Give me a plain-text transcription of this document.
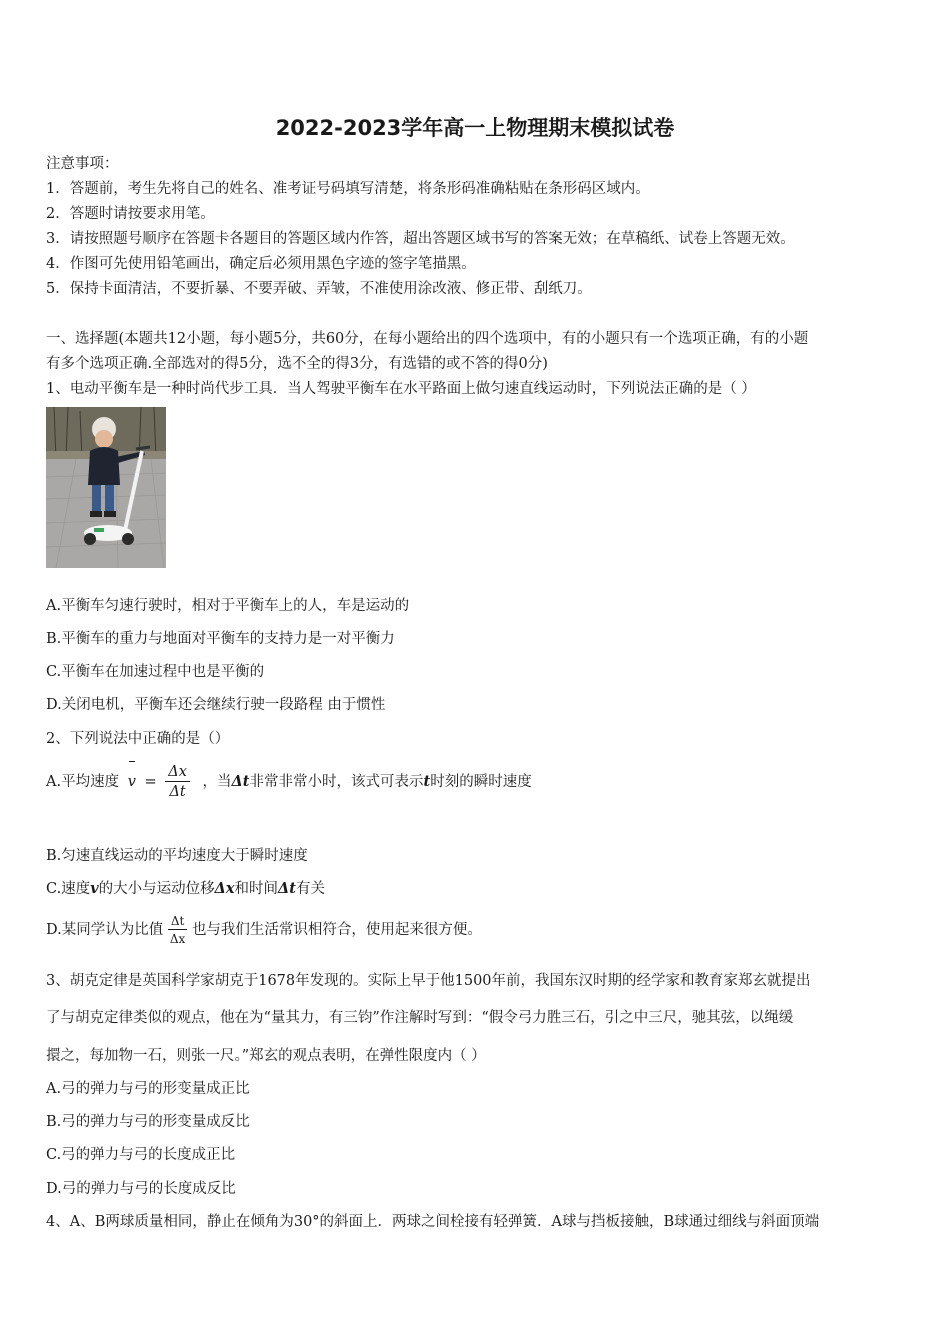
2022-2023学年高一上物理期末模拟试卷
注意事项：
1．答题前，考生先将自己的姓名、准考证号码填写清楚，将条形码准确粘贴在条形码区域内。
2．答题时请按要求用笔。
3．请按照题号顺序在答题卡各题目的答题区域内作答，超出答题区域书写的答案无效；在草稿纸、试卷上答题无效。
4．作图可先使用铅笔画出，确定后必须用黑色字迹的签字笔描黑。
5．保持卡面清洁，不要折暴、不要弄破、弄皱，不准使用涂改液、修正带、刮纸刀。
一、选择题(本题共12小题，每小题5分，共60分，在每小题给出的四个选项中，有的小题只有一个选项正确，有的小题
有多个选项正确.全部选对的得5分，选不全的得3分，有选错的或不答的得0分)
1、电动平衡车是一种时尚代步工具．当人驾驶平衡车在水平路面上做匀速直线运动时，下列说法正确的是（ ）
A.平衡车匀速行驶时，相对于平衡车上的人，车是运动的
B.平衡车的重力与地面对平衡车的支持力是一对平衡力
C.平衡车在加速过程中也是平衡的
D.关闭电机，平衡车还会继续行驶一段路程 由于惯性
2、下列说法中正确的是（）
A.平均速度 $v = \frac{\Delta x}{\Delta t}$ ，当Δt非常非常小时，该式可表示t时刻的瞬时速度
B.匀速直线运动的平均速度大于瞬时速度
C.速度v的大小与运动位移Δx和时间Δt有关
D.某同学认为比值 $\frac{\Delta t}{\Delta x}$ 也与我们生活常识相符合，使用起来很方便。
3、胡克定律是英国科学家胡克于1678年发现的。实际上早于他1500年前，我国东汉时期的经学家和教育家郑玄就提出
了与胡克定律类似的观点，他在为“量其力，有三钧”作注解时写到：“假令弓力胜三石，引之中三尺，驰其弦，以绳缓
擐之，每加物一石，则张一尺。”郑玄的观点表明，在弹性限度内（ ）
A.弓的弹力与弓的形变量成正比
B.弓的弹力与弓的形变量成反比
C.弓的弹力与弓的长度成正比
D.弓的弹力与弓的长度成反比
4、A、B两球质量相同，静止在倾角为30°的斜面上．两球之间栓接有轻弹簧．A球与挡板接触，B球通过细线与斜面顶端
